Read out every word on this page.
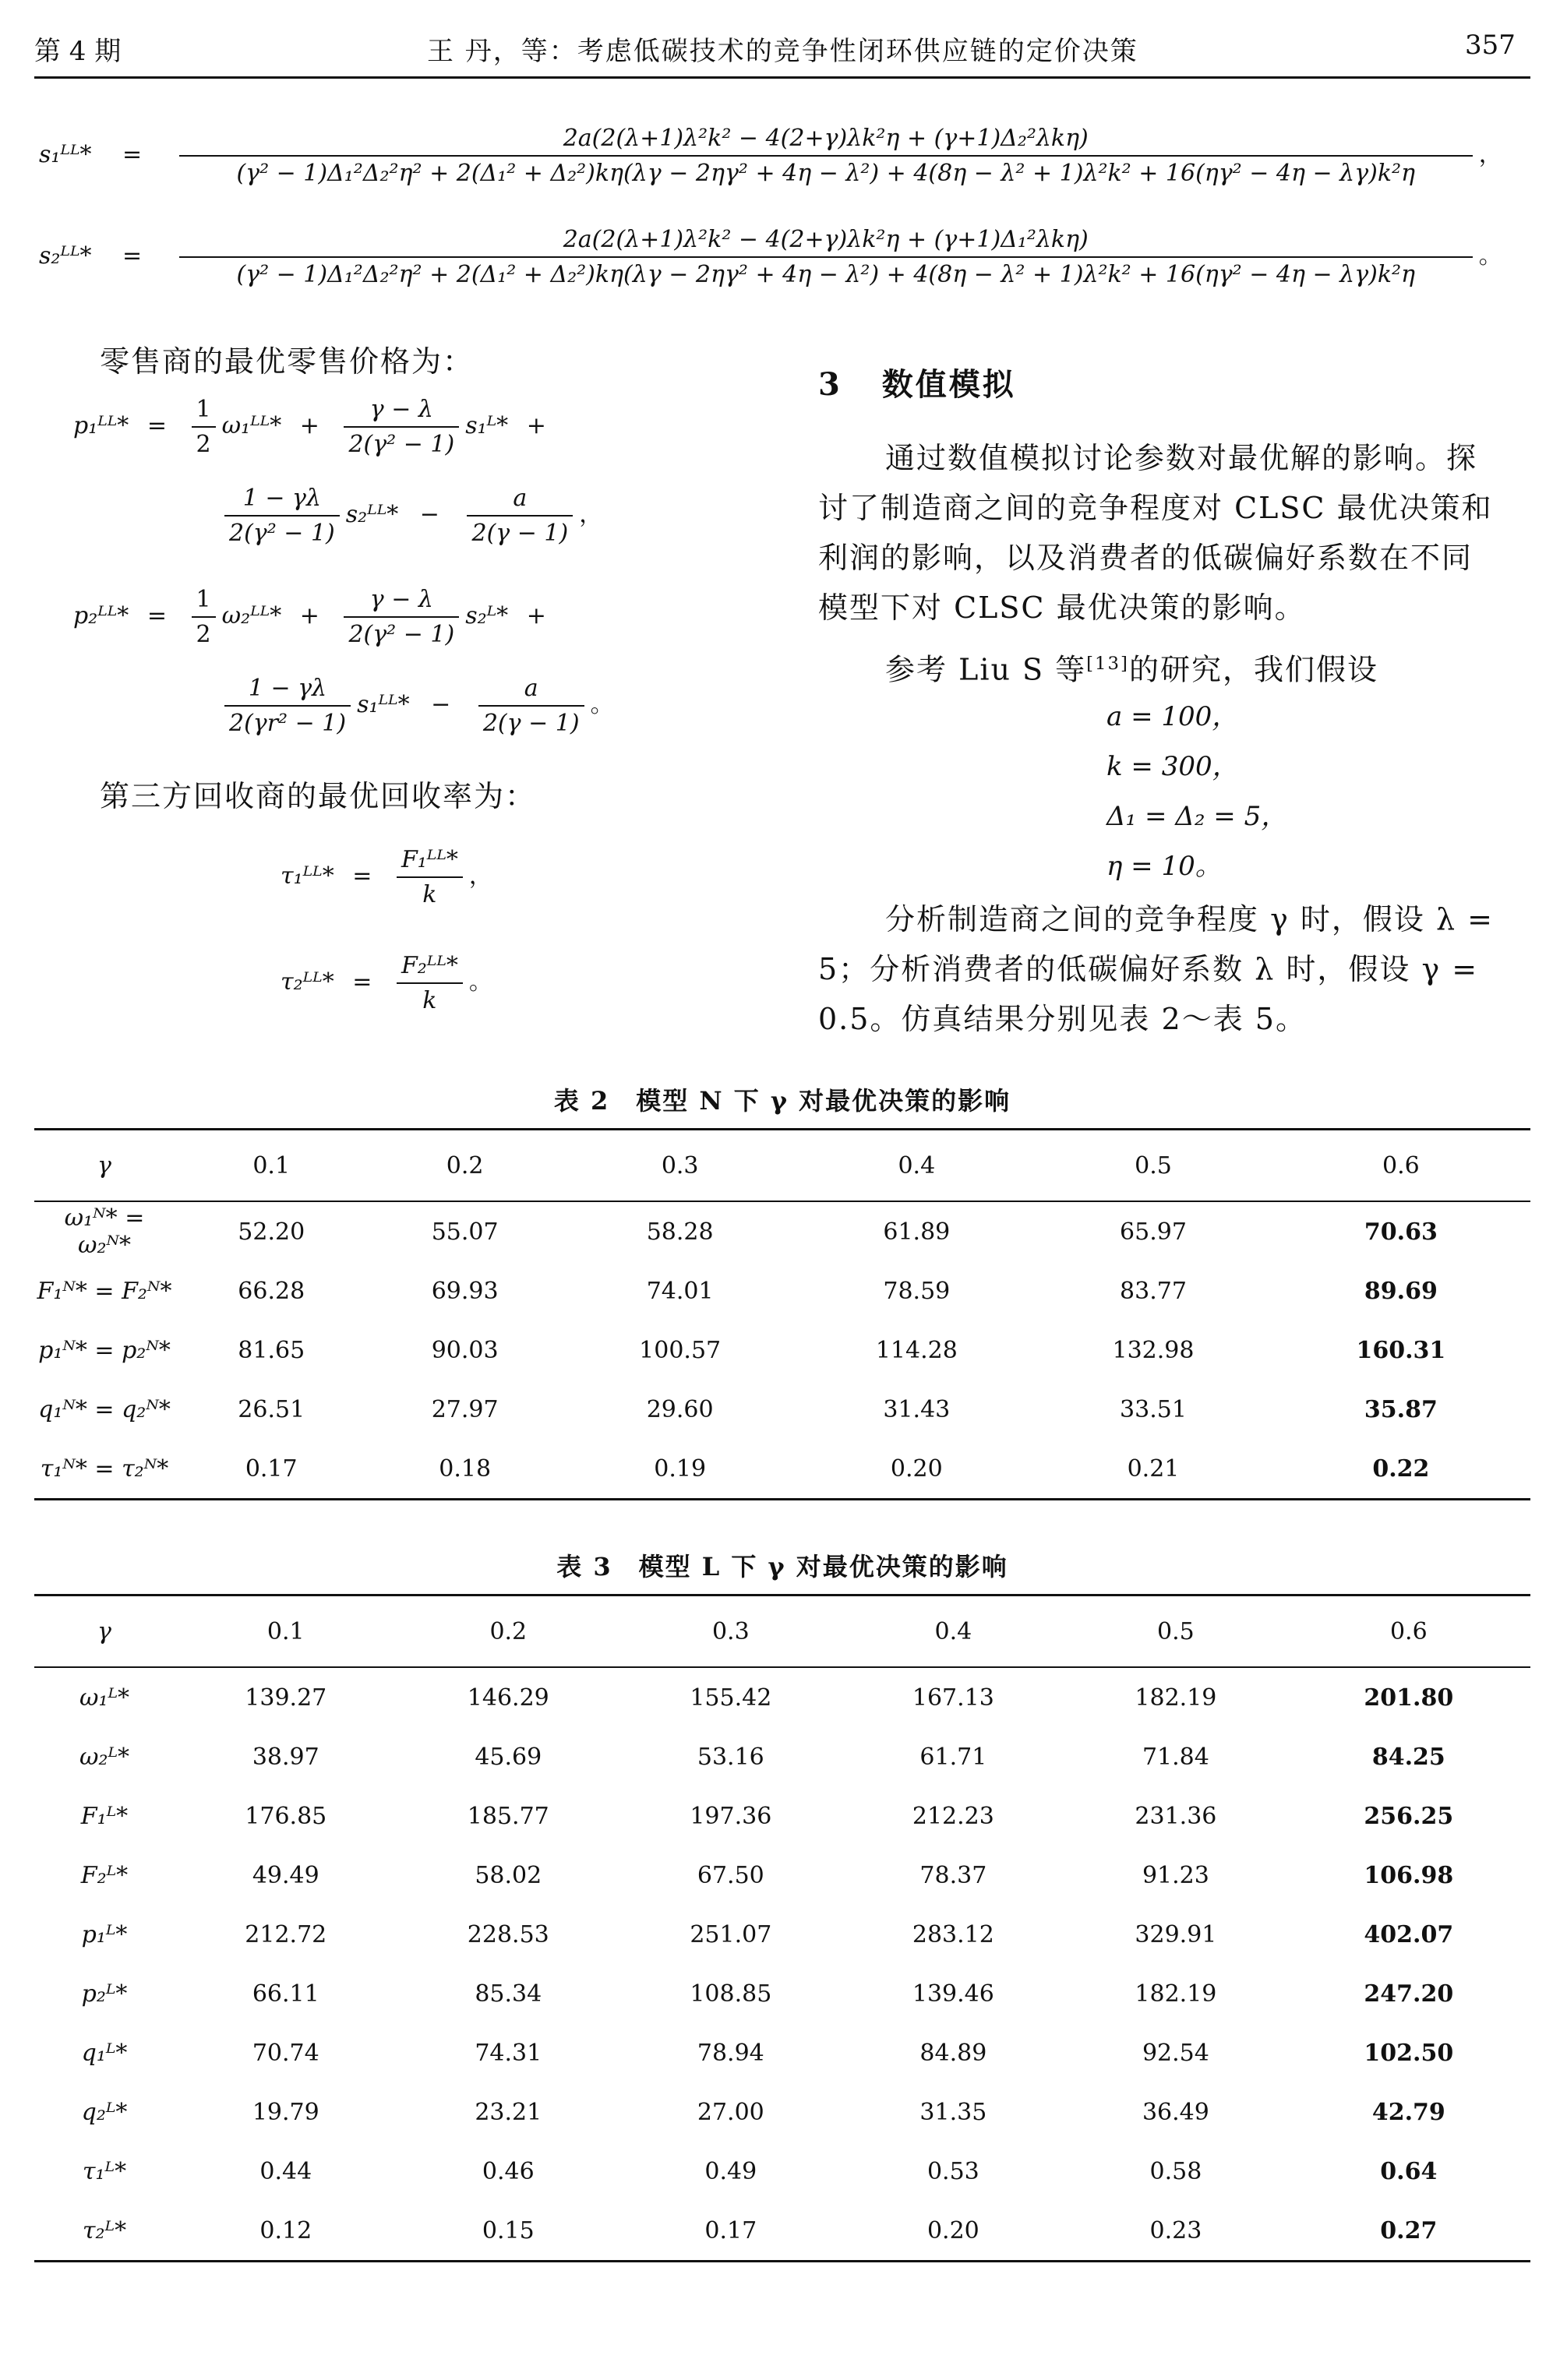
第 4 期	王 丹，等：考虑低碳技术的竞争性闭环供应链的定价决策	357
s₁ᴸᴸ* =
2a(2(λ+1)λ²k² − 4(2+γ)λk²η + (γ+1)Δ₂²λkη)
(γ² − 1)Δ₁²Δ₂²η² + 2(Δ₁² + Δ₂²)kη(λγ − 2ηγ² + 4η − λ²) + 4(8η − λ² + 1)λ²k² + 16(ηγ² − 4η − λγ)k²η
，
s₂ᴸᴸ* =
2a(2(λ+1)λ²k² − 4(2+γ)λk²η + (γ+1)Δ₁²λkη)
(γ² − 1)Δ₁²Δ₂²η² + 2(Δ₁² + Δ₂²)kη(λγ − 2ηγ² + 4η − λ²) + 4(8η − λ² + 1)λ²k² + 16(ηγ² − 4η − λγ)k²η
。
零售商的最优零售价格为：
p₁ᴸᴸ* = $\frac{1}{2}$ ω₁ᴸᴸ* + $\frac{\gamma - \lambda}{\text{2(γ² − 1)}}$ s₁ᴸ* +
$\frac{1 - \gamma\lambda}{\text{2(γ² − 1)}}$ s₂ᴸᴸ* − $\frac{a}{2(\gamma - 1)}$ ，
p₂ᴸᴸ* = $\frac{1}{2}$ ω₂ᴸᴸ* + $\frac{\gamma - \lambda}{\text{2(γ² − 1)}}$ s₂ᴸ* +
$\frac{1 - \gamma\lambda}{\text{2(γr² − 1)}}$ s₁ᴸᴸ* − $\frac{a}{2(\gamma - 1)}$ 。
第三方回收商的最优回收率为：
τ₁ᴸᴸ* = $\frac{\text{F₁ᴸᴸ*}}{k}$ ，
τ₂ᴸᴸ* = $\frac{\text{F₂ᴸᴸ*}}{k}$ 。
3 数值模拟
通过数值模拟讨论参数对最优解的影响。探
讨了制造商之间的竞争程度对 CLSC 最优决策和
利润的影响，以及消费者的低碳偏好系数在不同
模型下对 CLSC 最优决策的影响。
参考 Liu S 等[13]的研究，我们假设
a = 100，
k = 300，
Δ₁ = Δ₂ = 5，
η = 10。
分析制造商之间的竞争程度 γ 时，假设 λ =
5；分析消费者的低碳偏好系数 λ 时，假设 γ =
0.5。仿真结果分别见表 2～表 5。
表 2　模型 N 下 γ 对最优决策的影响
γ	0.1	0.2	0.3	0.4	0.5	0.6
ω₁ᴺ* = ω₂ᴺ*	52.20	55.07	58.28	61.89	65.97	70.63
F₁ᴺ* = F₂ᴺ*	66.28	69.93	74.01	78.59	83.77	89.69
p₁ᴺ* = p₂ᴺ*	81.65	90.03	100.57	114.28	132.98	160.31
q₁ᴺ* = q₂ᴺ*	26.51	27.97	29.60	31.43	33.51	35.87
τ₁ᴺ* = τ₂ᴺ*	0.17	0.18	0.19	0.20	0.21	0.22
表 3　模型 L 下 γ 对最优决策的影响
γ	0.1	0.2	0.3	0.4	0.5	0.6
ω₁ᴸ*	139.27	146.29	155.42	167.13	182.19	201.80
ω₂ᴸ*	38.97	45.69	53.16	61.71	71.84	84.25
F₁ᴸ*	176.85	185.77	197.36	212.23	231.36	256.25
F₂ᴸ*	49.49	58.02	67.50	78.37	91.23	106.98
p₁ᴸ*	212.72	228.53	251.07	283.12	329.91	402.07
p₂ᴸ*	66.11	85.34	108.85	139.46	182.19	247.20
q₁ᴸ*	70.74	74.31	78.94	84.89	92.54	102.50
q₂ᴸ*	19.79	23.21	27.00	31.35	36.49	42.79
τ₁ᴸ*	0.44	0.46	0.49	0.53	0.58	0.64
τ₂ᴸ*	0.12	0.15	0.17	0.20	0.23	0.27
